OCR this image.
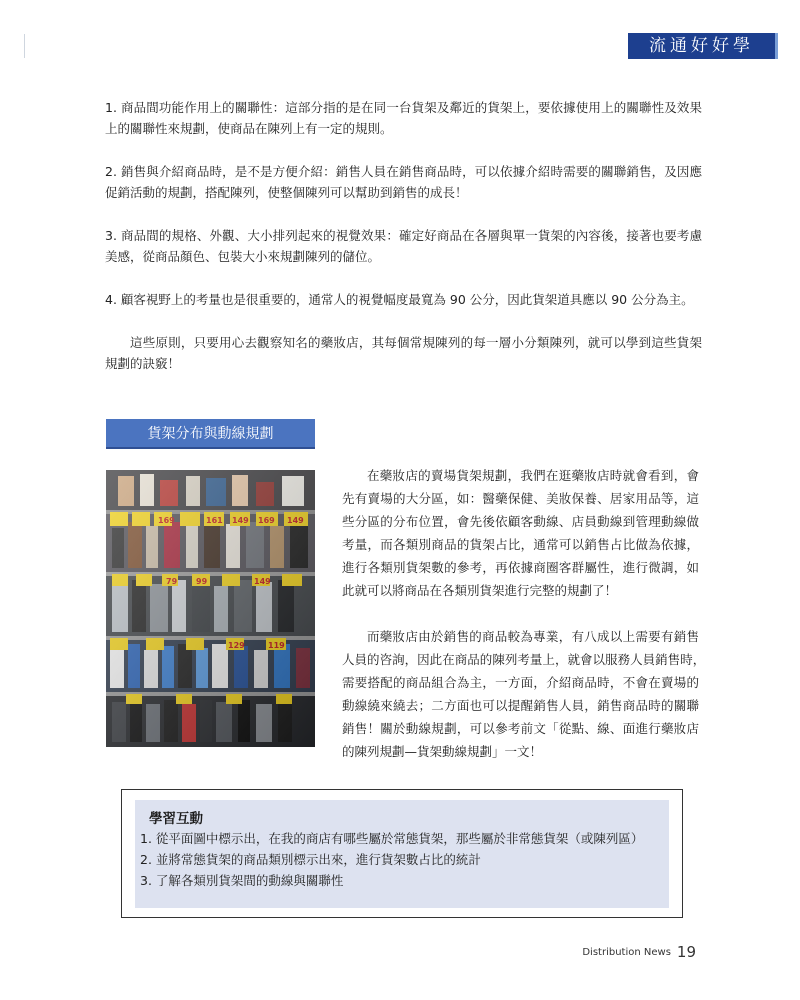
流通好好學

1. 商品間功能作用上的關聯性：這部分指的是在同一台貨架及鄰近的貨架上，要依據使用上的關聯性及效果上的關聯性來規劃，使商品在陳列上有一定的規則。

2. 銷售與介紹商品時，是不是方便介紹：銷售人員在銷售商品時，可以依據介紹時需要的關聯銷售，及因應促銷活動的規劃，搭配陳列，使整個陳列可以幫助到銷售的成長！

3. 商品間的規格、外觀、大小排列起來的視覺效果：確定好商品在各層與單一貨架的內容後，接著也要考慮美感，從商品顏色、包裝大小來規劃陳列的儲位。

4. 顧客視野上的考量也是很重要的，通常人的視覺幅度最寬為 90 公分，因此貨架道具應以 90 公分為主。

這些原則，只要用心去觀察知名的藥妝店，其每個常規陳列的每一層小分類陳列，就可以學到這些貨架規劃的訣竅！

貨架分布與動線規劃
169	161	169
149	149
149
99
79
129	119

在藥妝店的賣場貨架規劃，我們在逛藥妝店時就會看到，會先有賣場的大分區，如：醫藥保健、美妝保養、居家用品等，這些分區的分布位置，會先後依顧客動線、店員動線到管理動線做考量，而各類別商品的貨架占比，通常可以銷售占比做為依據，進行各類別貨架數的參考，再依據商圈客群屬性，進行微調，如此就可以將商品在各類別貨架進行完整的規劃了！

而藥妝店由於銷售的商品較為專業，有八成以上需要有銷售人員的咨詢，因此在商品的陳列考量上，就會以服務人員銷售時，　需要搭配的商品組合為主，一方面，介紹商品時，不會在賣場的動線繞來繞去；二方面也可以提醒銷售人員，銷售商品時的關聯銷售！關於動線規劃，可以參考前文「從點、線、面進行藥妝店的陳列規劃—貨架動線規劃」一文！

學習互動
1. 從平面圖中標示出，在我的商店有哪些屬於常態貨架，那些屬於非常態貨架（或陳列區）
2. 並將常態貨架的商品類別標示出來，進行貨架數占比的統計
3. 了解各類別貨架間的動線與關聯性
Distribution News 19
